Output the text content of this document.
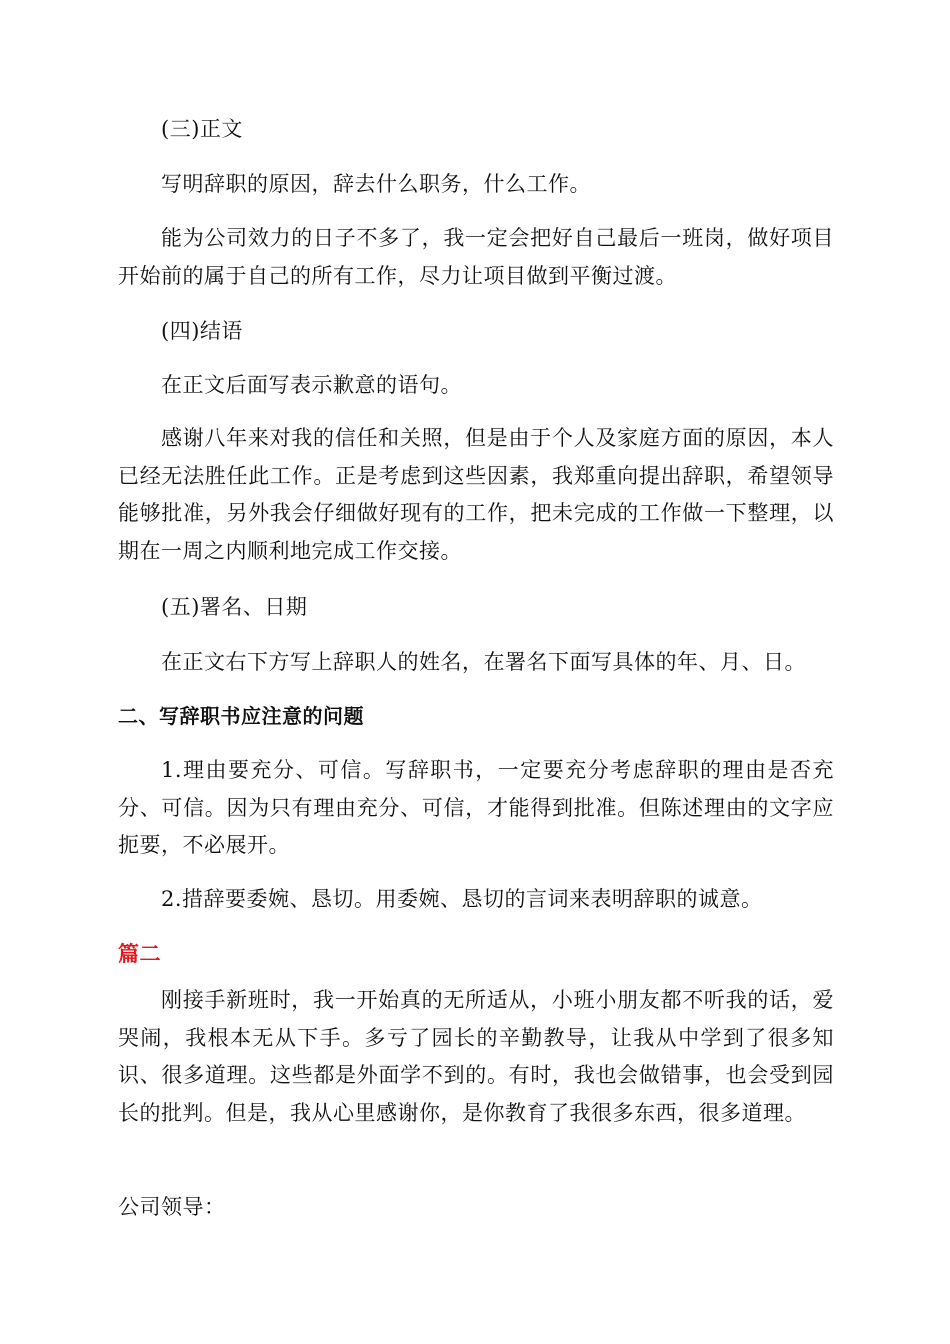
(三)正文
写明辞职的原因，辞去什么职务，什么工作。
能为公司效力的日子不多了，我一定会把好自己最后一班岗，做好项目开始前的属于自己的所有工作，尽力让项目做到平衡过渡。
(四)结语
在正文后面写表示歉意的语句。
感谢八年来对我的信任和关照，但是由于个人及家庭方面的原因，本人已经无法胜任此工作。正是考虑到这些因素，我郑重向提出辞职，希望领导能够批准，另外我会仔细做好现有的工作，把未完成的工作做一下整理，以期在一周之内顺利地完成工作交接。
(五)署名、日期
在正文右下方写上辞职人的姓名，在署名下面写具体的年、月、日。
二、写辞职书应注意的问题
1.理由要充分、可信。写辞职书，一定要充分考虑辞职的理由是否充分、可信。因为只有理由充分、可信，才能得到批准。但陈述理由的文字应扼要，不必展开。
2.措辞要委婉、恳切。用委婉、恳切的言词来表明辞职的诚意。
篇二
刚接手新班时，我一开始真的无所适从，小班小朋友都不听我的话，爱哭闹，我根本无从下手。多亏了园长的辛勤教导，让我从中学到了很多知识、很多道理。这些都是外面学不到的。有时，我也会做错事，也会受到园长的批判。但是，我从心里感谢你，是你教育了我很多东西，很多道理。
公司领导：
